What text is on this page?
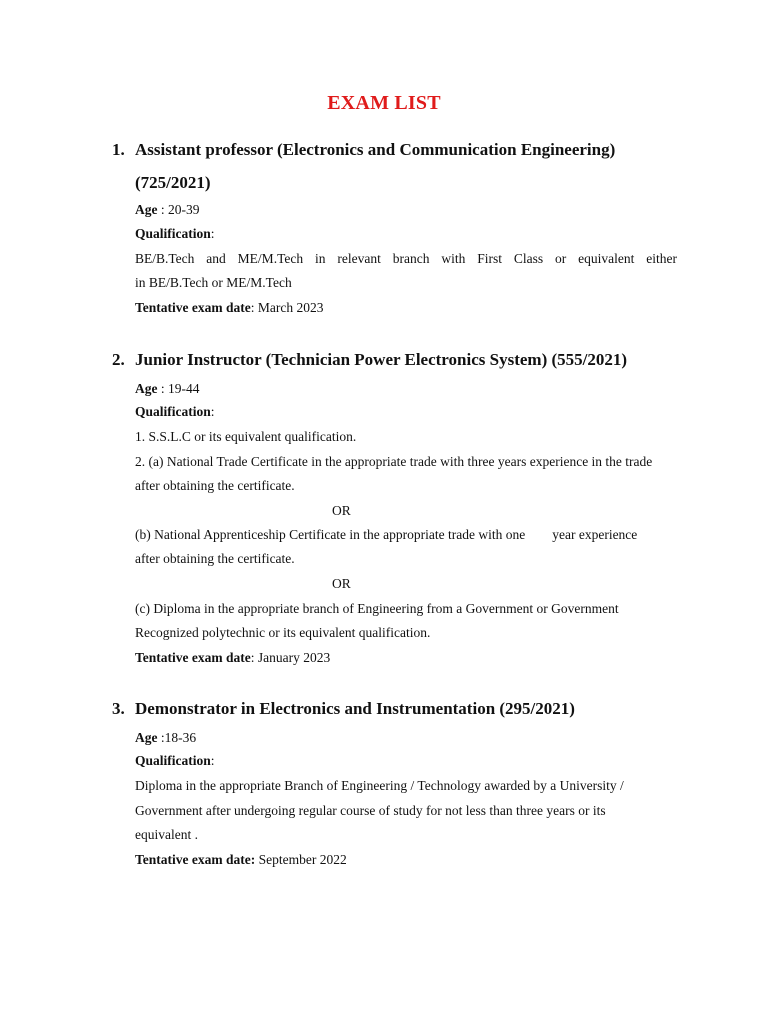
EXAM LIST
1. Assistant professor (Electronics and Communication Engineering)
(725/2021)
Age : 20-39
Qualification:
BE/B.Tech and ME/M.Tech in relevant branch with First Class or equivalent either
in BE/B.Tech or ME/M.Tech
Tentative exam date: March 2023
2. Junior Instructor (Technician Power Electronics System) (555/2021)
Age : 19-44
Qualification:
1. S.S.L.C or its equivalent qualification.
2. (a) National Trade Certificate in the appropriate trade with three years experience in the trade
after obtaining the certificate.
OR
(b) National Apprenticeship Certificate in the appropriate trade with one        year experience
after obtaining the certificate.
OR
(c) Diploma in the appropriate branch of Engineering from a Government or Government
Recognized polytechnic or its equivalent qualification.
Tentative exam date: January 2023
3. Demonstrator in Electronics and Instrumentation (295/2021)
Age :18-36
Qualification:
Diploma in the appropriate Branch of Engineering / Technology awarded by a University /
Government after undergoing regular course of study for not less than three years or its
equivalent .
Tentative exam date: September 2022
